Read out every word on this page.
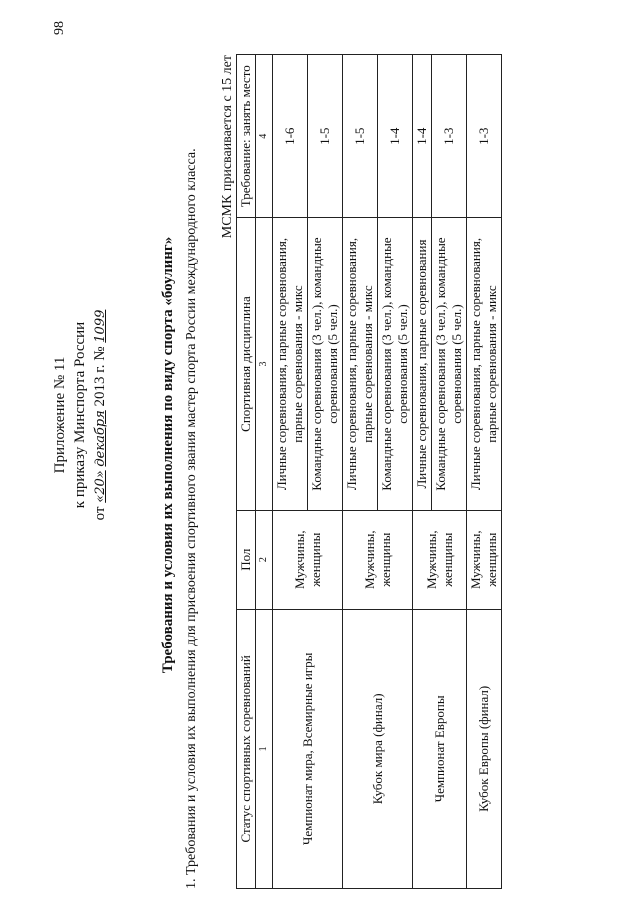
98
Приложение № 11 к приказу Минспорта России
от «20» декабря 2013 г. № 1099	Требования и условия их выполнения по виду спорта «боулинг» 1. Требования и условия их выполнения для присвоения спортивного звания мастер спорта России международного класса.
МСМК присваивается с 15 лет
Статус спортивных соревнований	Пол	Спортивная дисциплина	Требование: занять место
1	2	3	4
Чемпионат мира, Всемирные игры	Мужчины, женщины	Личные соревнования, парные соревнования, парные соревнования - микс	1-6
		Командные соревнования (3 чел.), командные соревнования (5 чел.)	1-5
Кубок мира (финал)	Мужчины, женщины	Личные соревнования, парные соревнования, парные соревнования - микс	1-5
		Командные соревнования (3 чел.), командные соревнования (5 чел.)	1-4
Чемпионат Европы	Мужчины, женщины	Личные соревнования, парные соревнования	1-4
		Командные соревнования (3 чел.), командные соревнования (5 чел.)	1-3
Кубок Европы (финал)	Мужчины, женщины	Личные соревнования, парные соревнования, парные соревнования - микс	1-3
